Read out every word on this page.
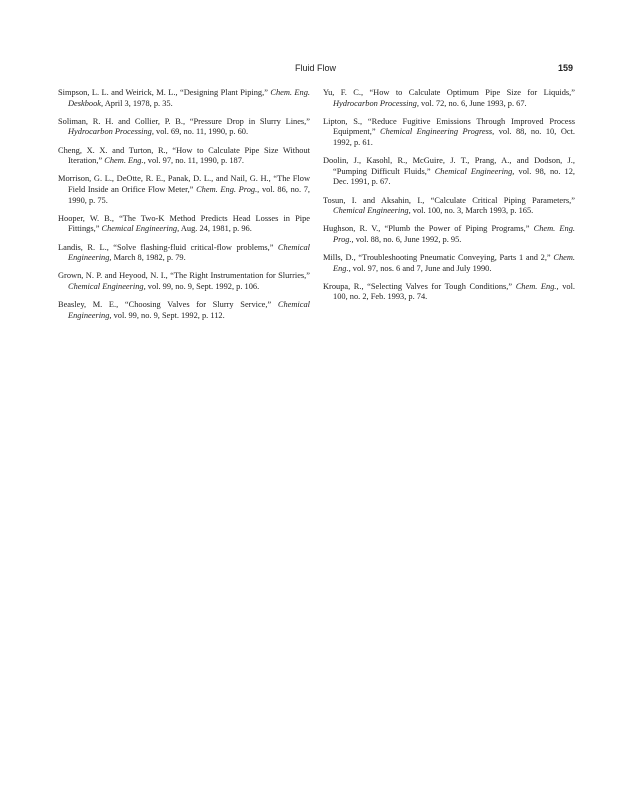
Fluid Flow	159

Simpson, L. L. and Weirick, M. L., “Designing Plant Piping,” Chem. Eng. Deskbook, April 3, 1978, p. 35.

Soliman, R. H. and Collier, P. B., “Pressure Drop in Slurry Lines,” Hydrocarbon Processing, vol. 69, no. 11, 1990, p. 60.

Cheng, X. X. and Turton, R., “How to Calculate Pipe Size Without Iteration,” Chem. Eng., vol. 97, no. 11, 1990, p. 187.

Morrison, G. L., DeOtte, R. E., Panak, D. L., and Nail, G. H., “The Flow Field Inside an Orifice Flow Meter,” Chem. Eng. Prog., vol. 86, no. 7, 1990, p. 75.

Hooper, W. B., “The Two-K Method Predicts Head Losses in Pipe Fittings,” Chemical Engineering, Aug. 24, 1981, p. 96.

Landis, R. L., “Solve flashing-fluid critical-flow problems,” Chemical Engineering, March 8, 1982, p. 79.

Grown, N. P. and Heyood, N. I., “The Right Instrumentation for Slurries,” Chemical Engineering, vol. 99, no. 9, Sept. 1992, p. 106.

Beasley, M. E., “Choosing Valves for Slurry Service,” Chemical Engineering, vol. 99, no. 9, Sept. 1992, p. 112.

Yu, F. C., “How to Calculate Optimum Pipe Size for Liquids,” Hydrocarbon Processing, vol. 72, no. 6, June 1993, p. 67.

Lipton, S., “Reduce Fugitive Emissions Through Improved Process Equipment,” Chemical Engineering Progress, vol. 88, no. 10, Oct. 1992, p. 61.

Doolin, J., Kasohl, R., McGuire, J. T., Prang, A., and Dodson, J., “Pumping Difficult Fluids,” Chemical Engineering, vol. 98, no. 12, Dec. 1991, p. 67.

Tosun, I. and Aksahin, I., “Calculate Critical Piping Parameters,” Chemical Engineering, vol. 100, no. 3, March 1993, p. 165.

Hughson, R. V., “Plumb the Power of Piping Programs,” Chem. Eng. Prog., vol. 88, no. 6, June 1992, p. 95.

Mills, D., “Troubleshooting Pneumatic Conveying, Parts 1 and 2,” Chem. Eng., vol. 97, nos. 6 and 7, June and July 1990.

Kroupa, R., “Selecting Valves for Tough Conditions,” Chem. Eng., vol. 100, no. 2, Feb. 1993, p. 74.
